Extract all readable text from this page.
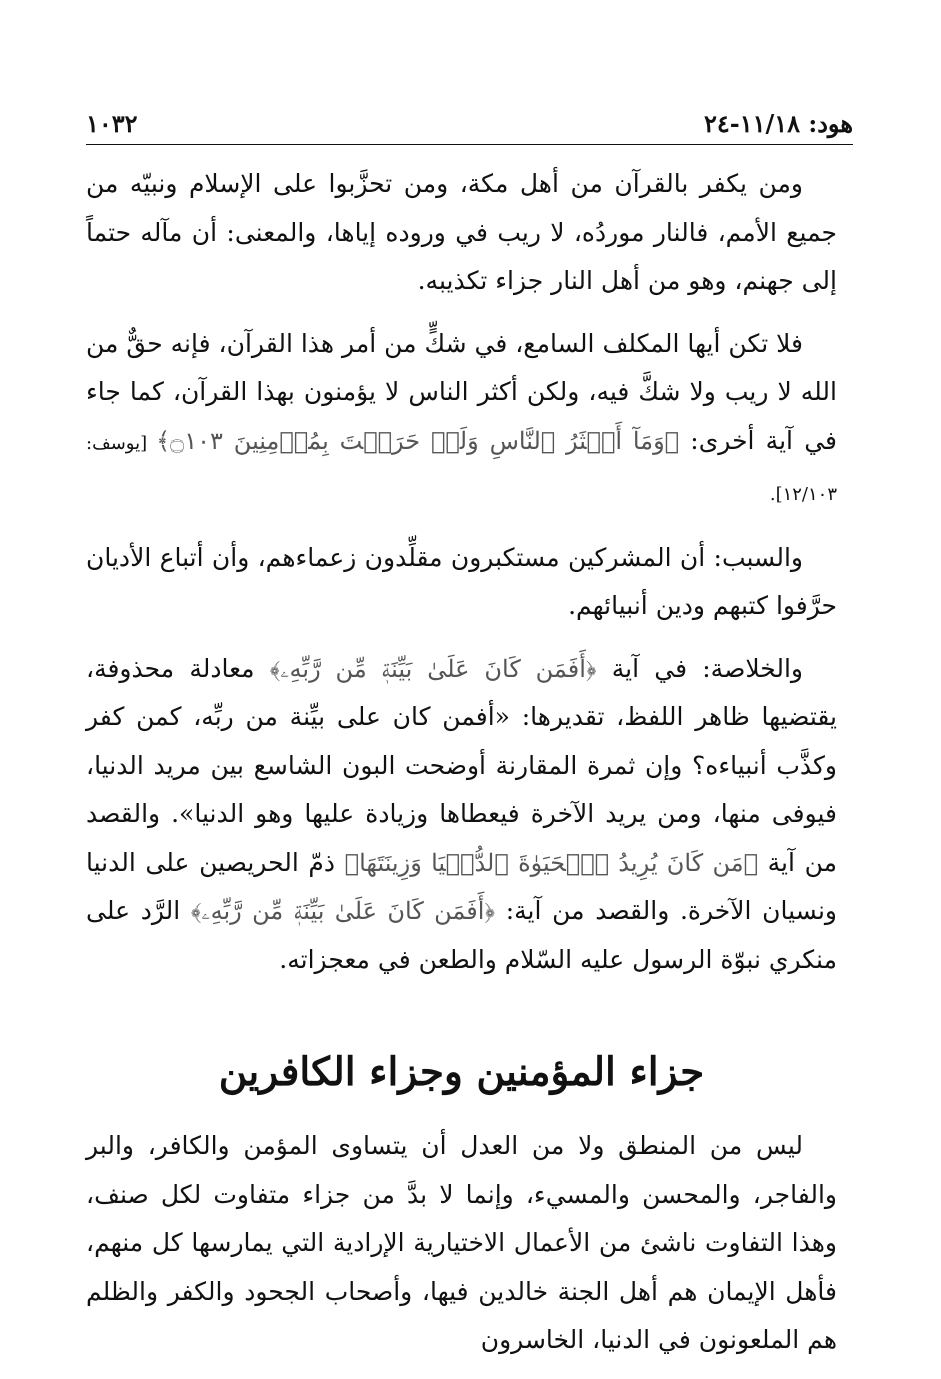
هود: ١١/١٨-٢٤
١٠٣٢

ومن يكفر بالقرآن من أهل مكة، ومن تحزَّبوا على الإسلام ونبيّه من جميع الأمم، فالنار موردُه، لا ريب في وروده إياها، والمعنى: أن مآله حتماً إلى جهنم، وهو من أهل النار جزاء تكذيبه.

فلا تكن أيها المكلف السامع، في شكٍّ من أمر هذا القرآن، فإنه حقٌّ من الله لا ريب ولا شكَّ فيه، ولكن أكثر الناس لا يؤمنون بهذا القرآن، كما جاء في آية أخرى: ﴿وَمَآ أَكۡثَرُ ٱلنَّاسِ وَلَوۡ حَرَصۡتَ بِمُؤۡمِنِينَ ۝١٠٣﴾ [يوسف: ١٢/١٠٣].

والسبب: أن المشركين مستكبرون مقلِّدون زعماءهم، وأن أتباع الأديان حرَّفوا كتبهم ودين أنبيائهم.

والخلاصة: في آية ﴿أَفَمَن كَانَ عَلَىٰ بَيِّنَةٖ مِّن رَّبِّهِۦ﴾ معادلة محذوفة، يقتضيها ظاهر اللفظ، تقديرها: «أفمن كان على بيِّنة من ربِّه، كمن كفر وكذَّب أنبياءه؟ وإن ثمرة المقارنة أوضحت البون الشاسع بين مريد الدنيا، فيوفى منها، ومن يريد الآخرة فيعطاها وزيادة عليها وهو الدنيا». والقصد من آية ﴿مَن كَانَ يُرِيدُ ٱلۡحَيَوٰةَ ٱلدُّنۡيَا وَزِينَتَهَا﴾ ذمّ الحريصين على الدنيا ونسيان الآخرة. والقصد من آية: ﴿أَفَمَن كَانَ عَلَىٰ بَيِّنَةٖ مِّن رَّبِّهِۦ﴾ الرَّد على منكري نبوّة الرسول عليه السّلام والطعن في معجزاته.

جزاء المؤمنين وجزاء الكافرين

ليس من المنطق ولا من العدل أن يتساوى المؤمن والكافر، والبر والفاجر، والمحسن والمسيء، وإنما لا بدَّ من جزاء متفاوت لكل صنف، وهذا التفاوت ناشئ من الأعمال الاختيارية الإرادية التي يمارسها كل منهم، فأهل الإيمان هم أهل الجنة خالدين فيها، وأصحاب الجحود والكفر والظلم هم الملعونون في الدنيا، الخاسرون
